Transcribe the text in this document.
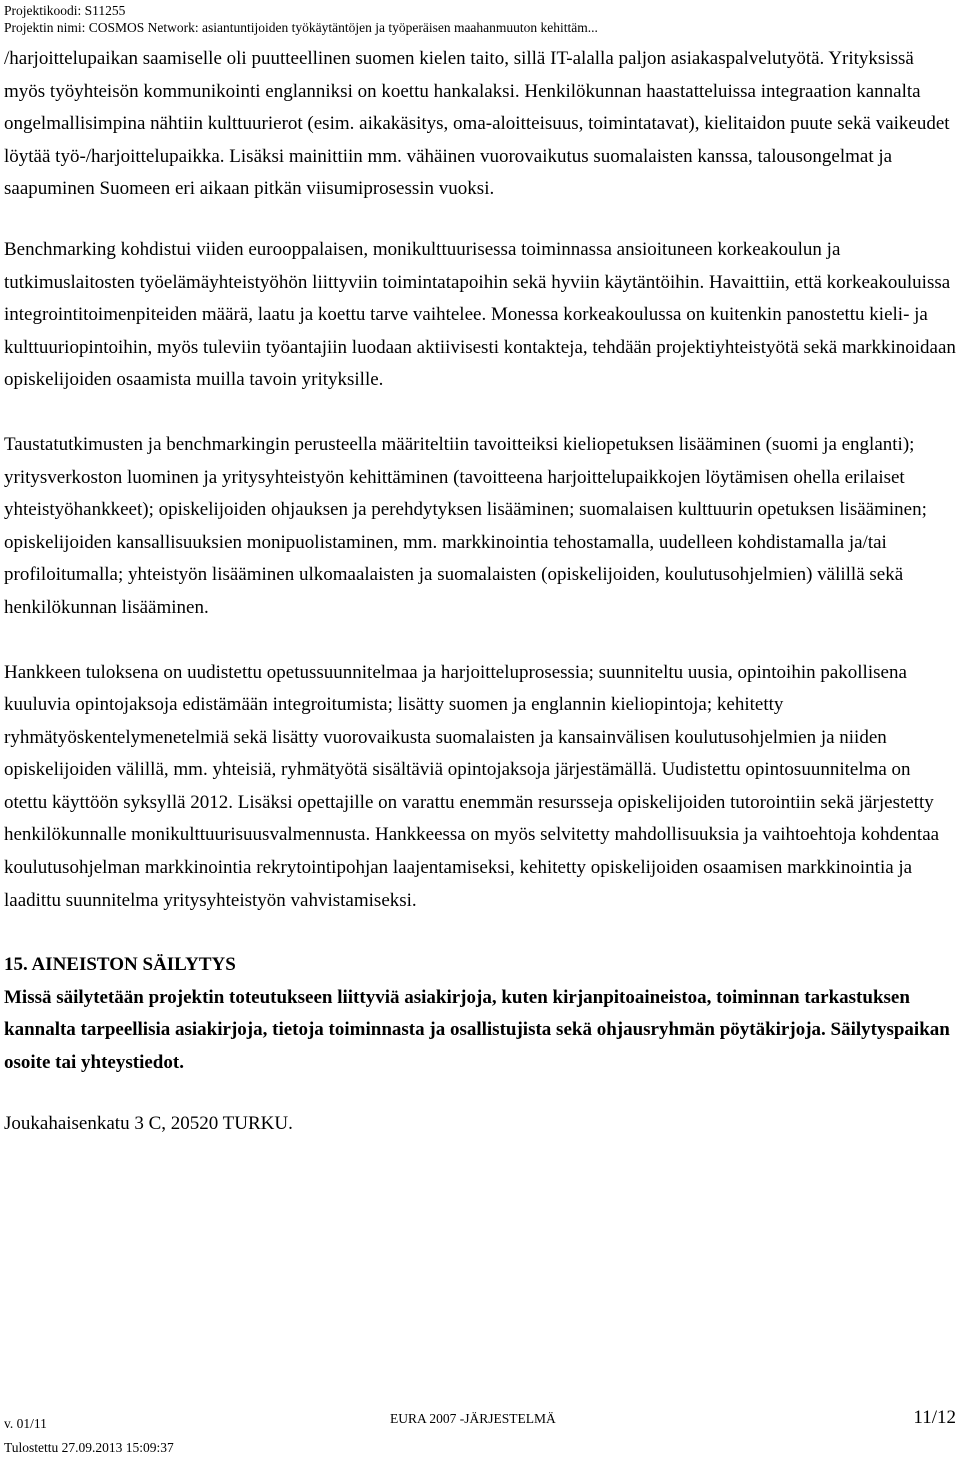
Projektikoodi: S11255
Projektin nimi: COSMOS Network: asiantuntijoiden työkäytäntöjen ja työperäisen maahanmuuton kehittäm...

/harjoittelupaikan saamiselle oli puutteellinen suomen kielen taito, sillä IT-alalla paljon asiakaspalvelutyötä. Yrityksissä myös työyhteisön kommunikointi englanniksi on koettu hankalaksi. Henkilökunnan haastatteluissa integraation kannalta ongelmallisimpina nähtiin kulttuurierot (esim. aikakäsitys, oma-aloitteisuus, toimintatavat), kielitaidon puute sekä vaikeudet löytää työ-/harjoittelupaikka. Lisäksi mainittiin mm. vähäinen vuorovaikutus suomalaisten kanssa, talousongelmat ja saapuminen Suomeen eri aikaan pitkän viisumiprosessin vuoksi.

Benchmarking kohdistui viiden eurooppalaisen, monikulttuurisessa toiminnassa ansioituneen korkeakoulun ja tutkimuslaitosten työelämäyhteistyöhön liittyviin toimintatapoihin sekä hyviin käytäntöihin. Havaittiin, että korkeakouluissa integrointitoimenpiteiden määrä, laatu ja koettu tarve vaihtelee. Monessa korkeakoulussa on kuitenkin panostettu kieli- ja kulttuuriopintoihin, myös tuleviin työantajiin luodaan aktiivisesti kontakteja, tehdään projektiyhteistyötä sekä markkinoidaan opiskelijoiden osaamista muilla tavoin yrityksille.

Taustatutkimusten ja benchmarkingin perusteella määriteltiin tavoitteiksi kieliopetuksen lisääminen (suomi ja englanti); yritysverkoston luominen ja yritysyhteistyön kehittäminen (tavoitteena harjoittelupaikkojen löytämisen ohella erilaiset yhteistyöhankkeet); opiskelijoiden ohjauksen ja perehdytyksen lisääminen; suomalaisen kulttuurin opetuksen lisääminen; opiskelijoiden kansallisuuksien monipuolistaminen, mm. markkinointia tehostamalla, uudelleen kohdistamalla ja/tai profiloitumalla; yhteistyön lisääminen ulkomaalaisten ja suomalaisten (opiskelijoiden, koulutusohjelmien) välillä sekä henkilökunnan lisääminen.

Hankkeen tuloksena on uudistettu opetussuunnitelmaa ja harjoitteluprosessia; suunniteltu uusia, opintoihin pakollisena kuuluvia opintojaksoja edistämään integroitumista; lisätty suomen ja englannin kieliopintoja; kehitetty ryhmätyöskentelymenetelmiä sekä lisätty vuorovaikusta suomalaisten ja kansainvälisen koulutusohjelmien ja niiden opiskelijoiden välillä, mm. yhteisiä, ryhmätyötä sisältäviä opintojaksoja järjestämällä. Uudistettu opintosuunnitelma on otettu käyttöön syksyllä 2012. Lisäksi opettajille on varattu enemmän resursseja opiskelijoiden tutorointiin sekä järjestetty henkilökunnalle monikulttuurisuusvalmennusta. Hankkeessa on myös selvitetty mahdollisuuksia ja vaihtoehtoja kohdentaa koulutusohjelman markkinointia rekrytointipohjan laajentamiseksi, kehitetty opiskelijoiden osaamisen markkinointia ja laadittu suunnitelma yritysyhteistyön vahvistamiseksi.

15. AINEISTON SÄILYTYS
Missä säilytetään projektin toteutukseen liittyviä asiakirjoja, kuten kirjanpitoaineistoa, toiminnan tarkastuksen kannalta tarpeellisia asiakirjoja, tietoja toiminnasta ja osallistujista sekä ohjausryhmän pöytäkirjoja. Säilytyspaikan osoite tai yhteystiedot.
Joukahaisenkatu 3 C, 20520 TURKU.
v. 01/11
Tulostettu 27.09.2013 15:09:37
EURA 2007 -JÄRJESTELMÄ	11/12
